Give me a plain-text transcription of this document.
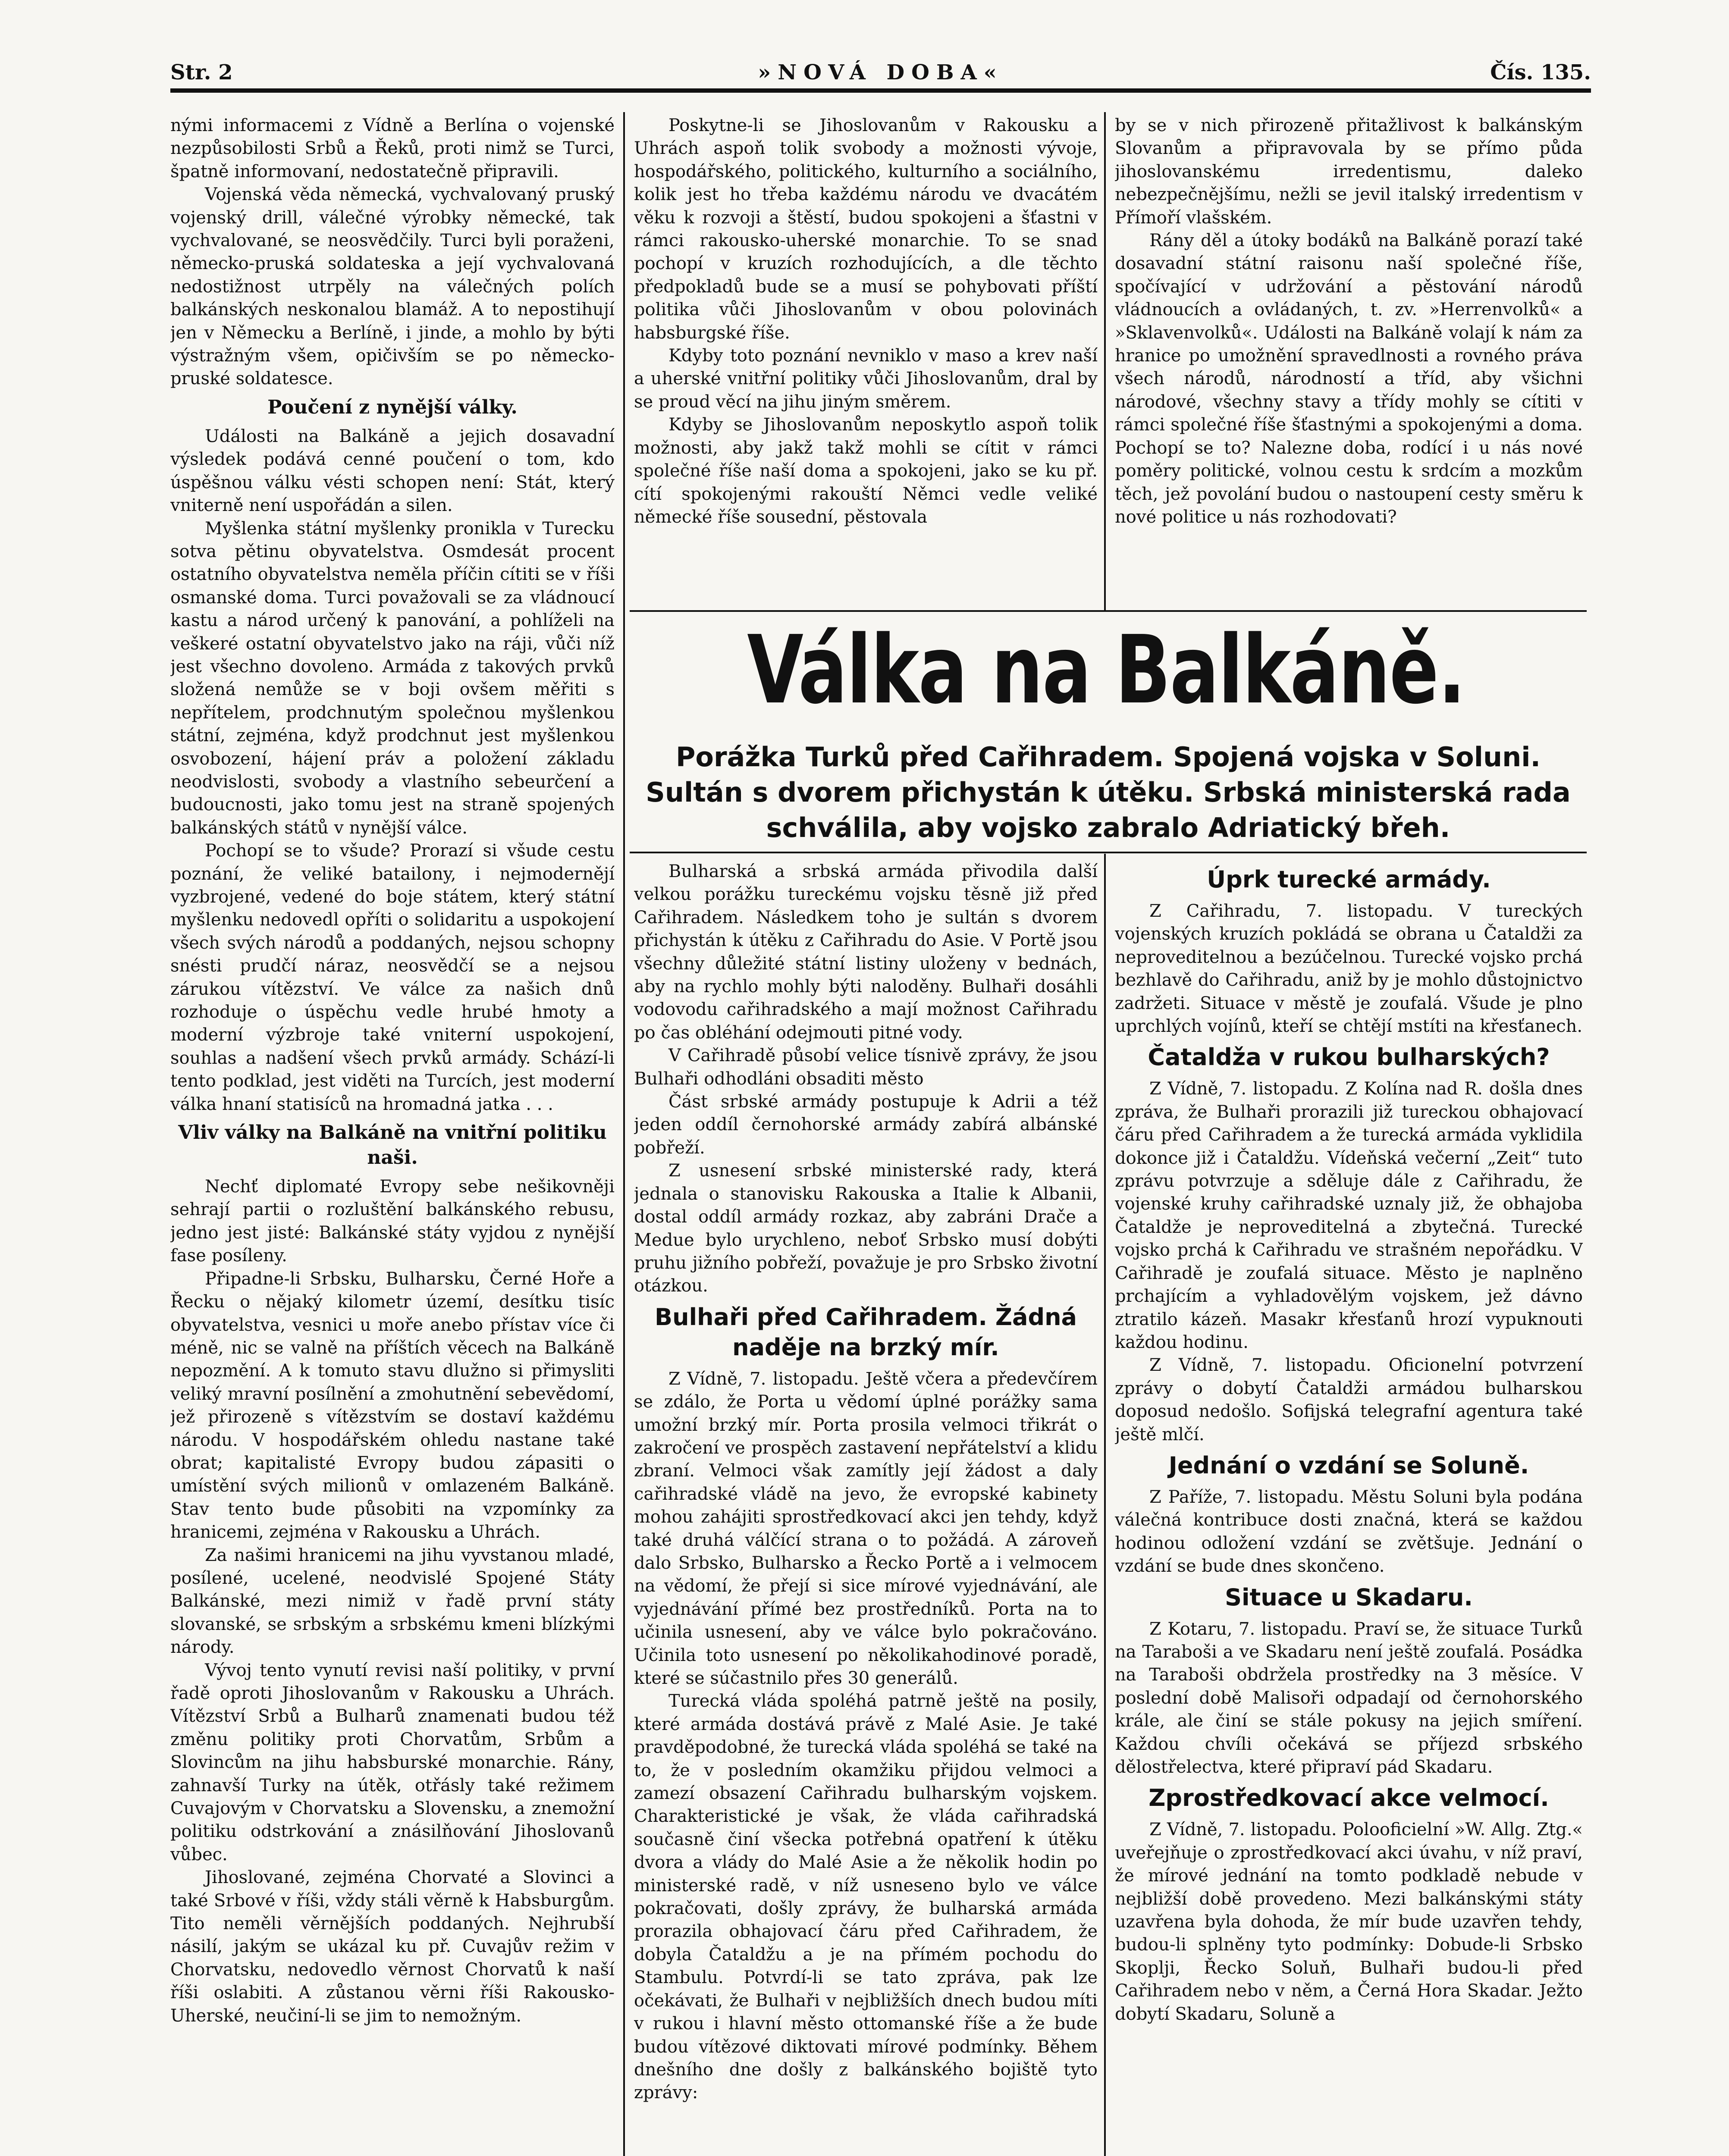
Str. 2	»NOVÁ DOBA«	Čís. 135.

nými informacemi z Vídně a Berlína o vojenské nezpůsobilosti Srbů a Řeků, proti nimž se Turci, špatně informovaní, nedostatečně připravili.

Vojenská věda německá, vychvalovaný pruský vojenský drill, válečné výrobky německé, tak vychvalované, se neosvědčily. Turci byli poraženi, německo-pruská soldateska a její vychvalovaná nedostižnost utrpěly na válečných polích balkánských neskonalou blamáž. A to nepostihují jen v Německu a Berlíně, i jinde, a mohlo by býti výstražným všem, opičivším se po německo-pruské soldatesce.

Poučení z nynější války.

Události na Balkáně a jejich dosavadní výsledek podává cenné poučení o tom, kdo úspěšnou válku vésti schopen není: Stát, který vniterně není uspořádán a silen.

Myšlenka státní myšlenky pronikla v Turecku sotva pětinu obyvatelstva. Osmdesát procent ostatního obyvatelstva neměla příčin cítiti se v říši osmanské doma. Turci považovali se za vládnoucí kastu a národ určený k panování, a pohlíželi na veškeré ostatní obyvatelstvo jako na ráji, vůči níž jest všechno dovoleno. Armáda z takových prvků složená nemůže se v boji ovšem měřiti s nepřítelem, prodchnutým společnou myšlenkou státní, zejména, když prodchnut jest myšlenkou osvobození, hájení práv a položení základu neodvislosti, svobody a vlastního sebeurčení a budoucnosti, jako tomu jest na straně spojených balkánských států v nynější válce.

Pochopí se to všude? Prorazí si všude cestu poznání, že veliké batailony, i nejmodernějí vyzbrojené, vedené do boje státem, který státní myšlenku nedovedl opříti o solidaritu a uspokojení všech svých národů a poddaných, nejsou schopny snésti prudčí náraz, neosvědčí se a nejsou zárukou vítězství. Ve válce za našich dnů rozhoduje o úspěchu vedle hrubé hmoty a moderní výzbroje také vniterní uspokojení, souhlas a nadšení všech prvků armády. Schází-li tento podklad, jest viděti na Turcích, jest moderní válka hnaní statisíců na hromadná jatka . . .

Vliv války na Balkáně na vnitřní politiku naši.

Nechť diplomaté Evropy sebe nešikovněji sehrají partii o rozluštění balkánského rebusu, jedno jest jisté: Balkánské státy vyjdou z nynější fase posíleny.

Připadne-li Srbsku, Bulharsku, Černé Hoře a Řecku o nějaký kilometr území, desítku tisíc obyvatelstva, vesnici u moře anebo přístav více či méně, nic se valně na příštích věcech na Balkáně nepozmění. A k tomuto stavu dlužno si přimysliti veliký mravní posílnění a zmohutnění sebevědomí, jež přirozeně s vítězstvím se dostaví každému národu. V hospodářském ohledu nastane také obrat; kapitalisté Evropy budou zápasiti o umístění svých milionů v omlazeném Balkáně. Stav tento bude působiti na vzpomínky za hranicemi, zejména v Rakousku a Uhrách.

Za našimi hranicemi na jihu vyvstanou mladé, posílené, ucelené, neodvislé Spojené Státy Balkánské, mezi nimiž v řadě první státy slovanské, se srbským a srbskému kmeni blízkými národy.

Vývoj tento vynutí revisi naší politiky, v první řadě oproti Jihoslovanům v Rakousku a Uhrách. Vítězství Srbů a Bulharů znamenati budou též změnu politiky proti Chorvatům, Srbům a Slovincům na jihu habsburské monarchie. Rány, zahnavší Turky na útěk, otřásly také režimem Cuvajovým v Chorvatsku a Slovensku, a znemožní politiku odstrkování a znásilňování Jihoslovanů vůbec.

Jihoslované, zejména Chorvaté a Slovinci a také Srbové v říši, vždy stáli věrně k Habsburgům. Tito neměli věrnějších poddaných. Nejhrubší násilí, jakým se ukázal ku př. Cuvajův režim v Chorvatsku, nedovedlo věrnost Chorvatů k naší říši oslabiti. A zůstanou věrni říši Rakousko-Uherské, neučiní-li se jim to nemožným.

Poskytne-li se Jihoslovanům v Rakousku a Uhrách aspoň tolik svobody a možnosti vývoje, hospodářského, politického, kulturního a sociálního, kolik jest ho třeba každému národu ve dvacátém věku k rozvoji a štěstí, budou spokojeni a šťastni v rámci rakousko-uherské monarchie. To se snad pochopí v kruzích rozhodujících, a dle těchto předpokladů bude se a musí se pohybovati příští politika vůči Jihoslovanům v obou polovinách habsburgské říše.

Kdyby toto poznání nevniklo v maso a krev naší a uherské vnitřní politiky vůči Jihoslovanům, dral by se proud věcí na jihu jiným směrem.

Kdyby se Jihoslovanům neposkytlo aspoň tolik možnosti, aby jakž takž mohli se cítit v rámci společné říše naší doma a spokojeni, jako se ku př. cítí spokojenými rakouští Němci vedle veliké německé říše sousední, pěstovala

by se v nich přirozeně přitažlivost k balkánským Slovanům a připravovala by se přímo půda jihoslovanskému irredentismu, daleko nebezpečnějšímu, nežli se jevil italský irredentism v Přímoří vlašském.

Rány děl a útoky bodáků na Balkáně porazí také dosavadní státní raisonu naší společné říše, spočívající v udržování a pěstování národů vládnoucích a ovládaných, t. zv. »Herrenvolků« a »Sklavenvolků«. Události na Balkáně volají k nám za hranice po umožnění spravedlnosti a rovného práva všech národů, národností a tříd, aby všichni národové, všechny stavy a třídy mohly se cítiti v rámci společné říše šťastnými a spokojenými a doma. Pochopí se to? Nalezne doba, rodící i u nás nové poměry politické, volnou cestu k srdcím a mozkům těch, jež povolání budou o nastoupení cesty směru k nové politice u nás rozhodovati?

Válka na Balkáně.
Porážka Turků před Cařihradem. Spojená vojska v Soluni. Sultán s dvorem přichystán k útěku. Srbská ministerská rada schválila, aby vojsko zabralo Adriatický břeh.

Bulharská a srbská armáda přivodila další velkou porážku tureckému vojsku těsně již před Cařihradem. Následkem toho je sultán s dvorem přichystán k útěku z Cařihradu do Asie. V Portě jsou všechny důležité státní listiny uloženy v bednách, aby na rychlo mohly býti naloděny. Bulhaři dosáhli vodovodu cařihradského a mají možnost Cařihradu po čas obléhání odejmouti pitné vody.

V Cařihradě působí velice tísnivě zprávy, že jsou Bulhaři odhodláni obsaditi město

Část srbské armády postupuje k Adrii a též jeden oddíl černohorské armády zabírá albánské pobřeží.

Z usnesení srbské ministerské rady, která jednala o stanovisku Rakouska a Italie k Albanii, dostal oddíl armády rozkaz, aby zabráni Drače a Medue bylo urychleno, neboť Srbsko musí dobýti pruhu jižního pobřeží, považuje je pro Srbsko životní otázkou.

Bulhaři před Cařihradem. Žádná naděje na brzký mír.

Z Vídně, 7. listopadu. Ještě včera a předevčírem se zdálo, že Porta u vědomí úplné porážky sama umožní brzký mír. Porta prosila velmoci třikrát o zakročení ve prospěch zastavení nepřátelství a klidu zbraní. Velmoci však zamítly její žádost a daly cařihradské vládě na jevo, že evropské kabinety mohou zahájiti sprostředkovací akci jen tehdy, když také druhá válčící strana o to požádá. A zároveň dalo Srbsko, Bulharsko a Řecko Portě a i velmocem na vědomí, že přejí si sice mírové vyjednávání, ale vyjednávání přímé bez prostředníků. Porta na to učinila usnesení, aby ve válce bylo pokračováno. Učinila toto usnesení po několikahodinové poradě, které se súčastnilo přes 30 generálů.

Turecká vláda spoléhá patrně ještě na posily, které armáda dostává právě z Malé Asie. Je také pravděpodobné, že turecká vláda spoléhá se také na to, že v posledním okamžiku přijdou velmoci a zamezí obsazení Cařihradu bulharským vojskem. Charakteristické je však, že vláda cařihradská současně činí všecka potřebná opatření k útěku dvora a vlády do Malé Asie a že několik hodin po ministerské radě, v níž usneseno bylo ve válce pokračovati, došly zprávy, že bulharská armáda prorazila obhajovací čáru před Cařihradem, že dobyla Čataldžu a je na přímém pochodu do Stambulu. Potvrdí-li se tato zpráva, pak lze očekávati, že Bulhaři v nejbližších dnech budou míti v rukou i hlavní město ottomanské říše a že bude budou vítězové diktovati mírové podmínky. Během dnešního dne došly z balkánského bojiště tyto zprávy:

Úprk turecké armády.

Z Cařihradu, 7. listopadu. V tureckých vojenských kruzích pokládá se obrana u Čataldži za neproveditelnou a bezúčelnou. Turecké vojsko prchá bezhlavě do Cařihradu, aniž by je mohlo důstojnictvo zadržeti. Situace v městě je zoufalá. Všude je plno uprchlých vojínů, kteří se chtějí mstíti na křesťanech.

Čataldža v rukou bulharských?

Z Vídně, 7. listopadu. Z Kolína nad R. došla dnes zpráva, že Bulhaři prorazili již tureckou obhajovací čáru před Cařihradem a že turecká armáda vyklidila dokonce již i Čataldžu. Vídeňská večerní „Zeit“ tuto zprávu potvrzuje a sděluje dále z Cařihradu, že vojenské kruhy cařihradské uznaly již, že obhajoba Čataldže je neproveditelná a zbytečná. Turecké vojsko prchá k Cařihradu ve strašném nepořádku. V Cařihradě je zoufalá situace. Město je naplněno prchajícím a vyhladovělým vojskem, jež dávno ztratilo kázeň. Masakr křesťanů hrozí vypuknouti každou hodinu.

Z Vídně, 7. listopadu. Oficionelní potvrzení zprávy o dobytí Čataldži armádou bulharskou doposud nedošlo. Sofijská telegrafní agentura také ještě mlčí.

Jednání o vzdání se Soluně.

Z Paříže, 7. listopadu. Městu Soluni byla podána válečná kontribuce dosti značná, která se každou hodinou odložení vzdání se zvětšuje. Jednání o vzdání se bude dnes skončeno.

Situace u Skadaru.

Z Kotaru, 7. listopadu. Praví se, že situace Turků na Taraboši a ve Skadaru není ještě zoufalá. Posádka na Taraboši obdržela prostředky na 3 měsíce. V poslední době Malisoři odpadají od černohorského krále, ale činí se stále pokusy na jejich smíření. Každou chvíli očekává se příjezd srbského dělostřelectva, které připraví pád Skadaru.

Zprostředkovací akce velmocí.

Z Vídně, 7. listopadu. Polooficielní »W. Allg. Ztg.« uveřejňuje o zprostředkovací akci úvahu, v níž praví, že mírové jednání na tomto podkladě nebude v nejbližší době provedeno. Mezi balkánskými státy uzavřena byla dohoda, že mír bude uzavřen tehdy, budou-li splněny tyto podmínky: Dobude-li Srbsko Skoplji, Řecko Soluň, Bulhaři budou-li před Cařihradem nebo v něm, a Černá Hora Skadar. Ježto dobytí Skadaru, Soluně a
